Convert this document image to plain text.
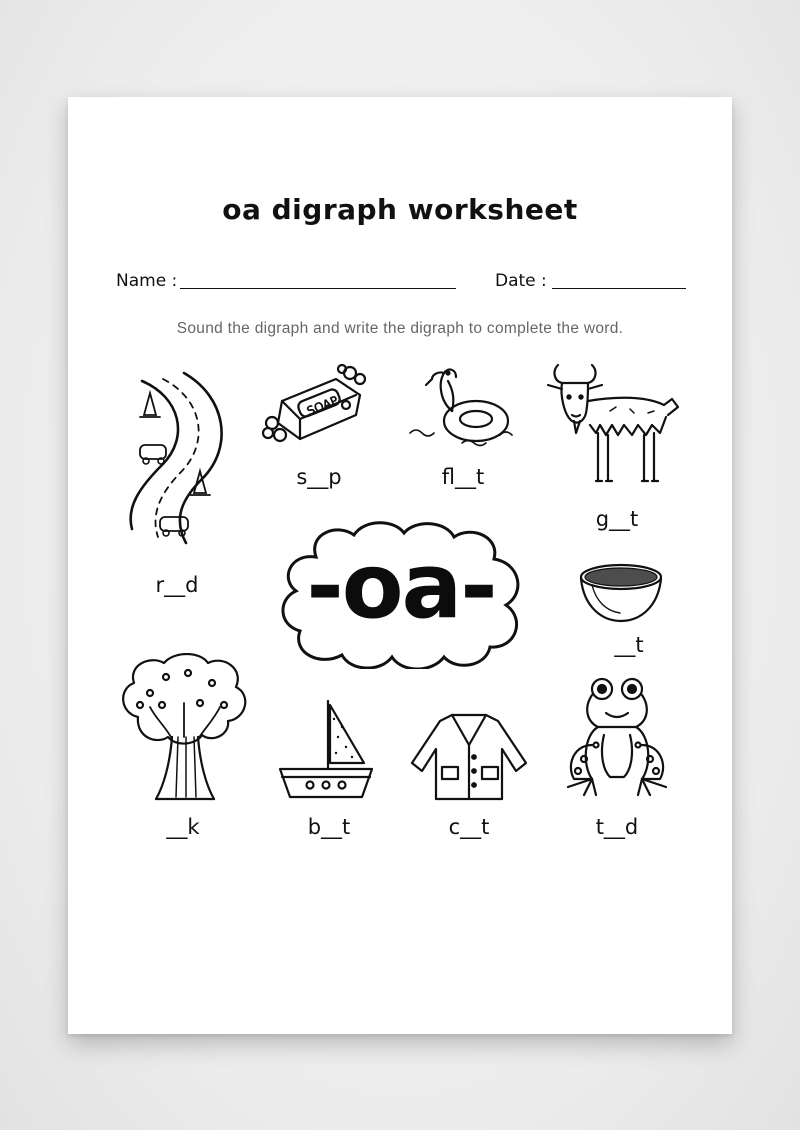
oa digraph worksheet
Name :	Date :
Sound the digraph and write the digraph to complete the word.
r__d
SOAP
s__p	fl__t
g__t
-oa-
__t
__k	b__t	c__t	t__d
